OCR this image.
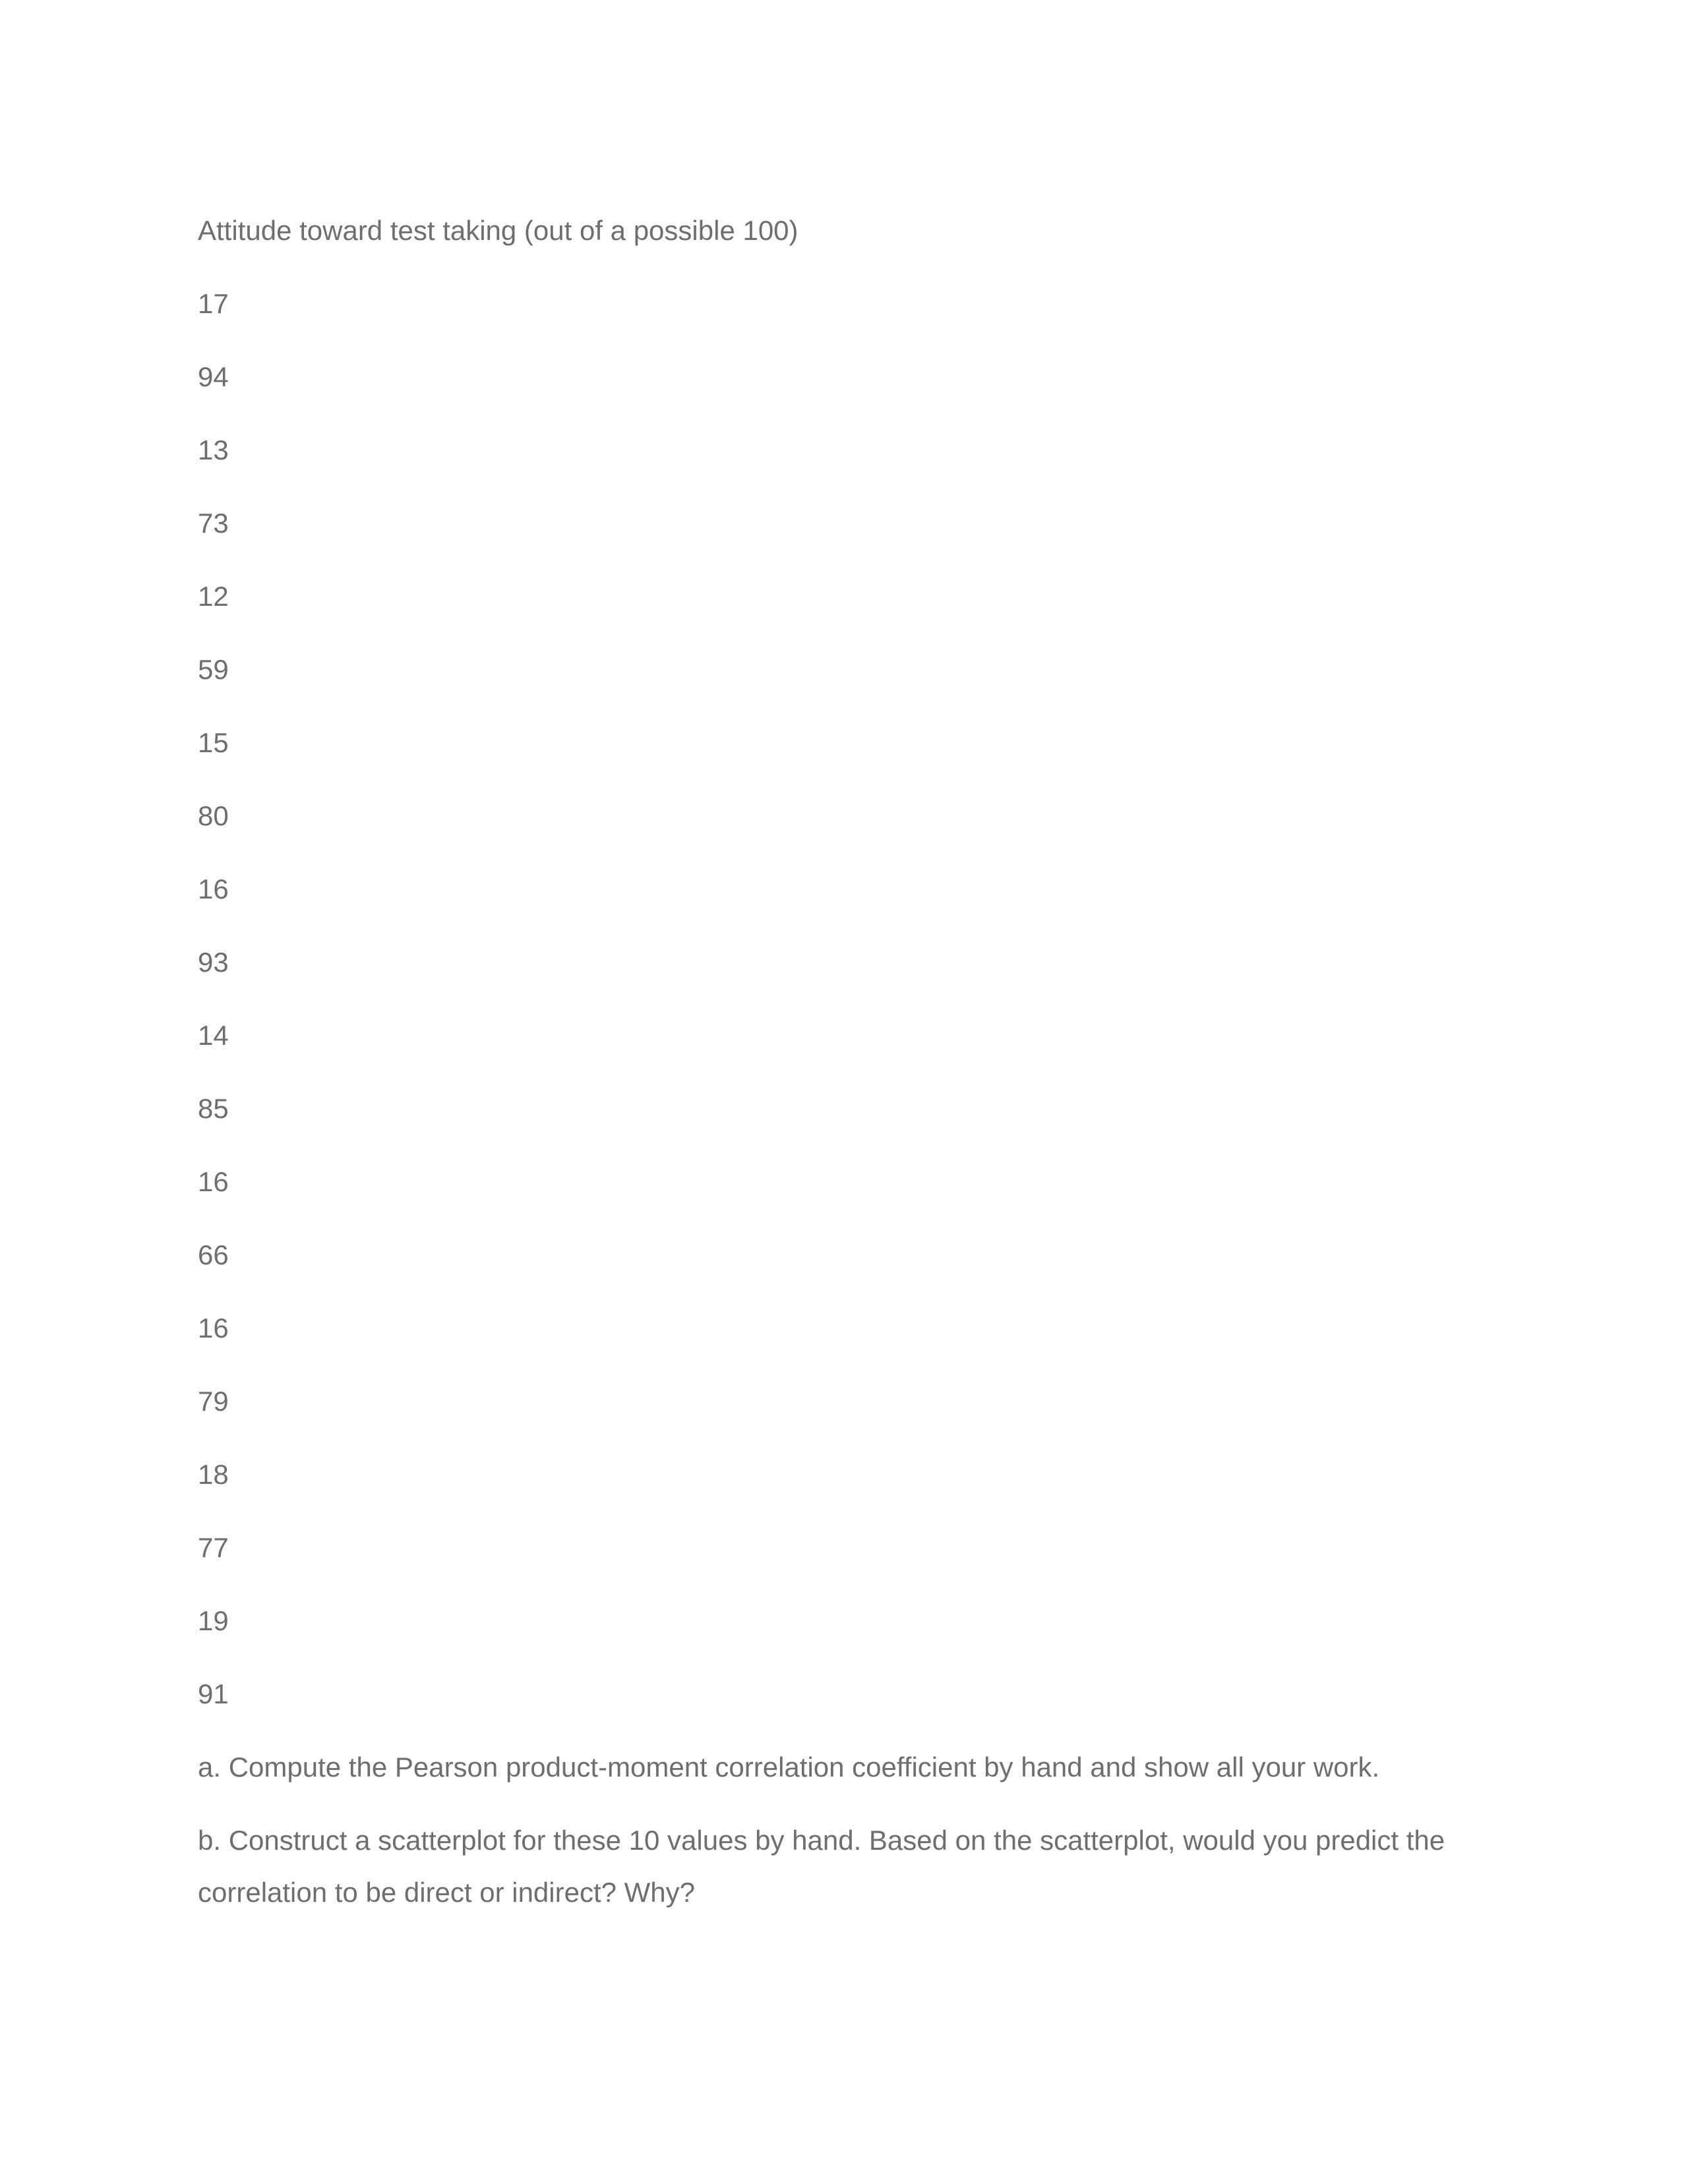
Attitude toward test taking (out of a possible 100)

17
94
13
73
12
59
15
80
16
93
14
85
16
66
16
79
18
77
19
91

a. Compute the Pearson product-moment correlation coefficient by hand and show all your work.

b. Construct a scatterplot for these 10 values by hand. Based on the scatterplot, would you predict the correlation to be direct or indirect? Why?
